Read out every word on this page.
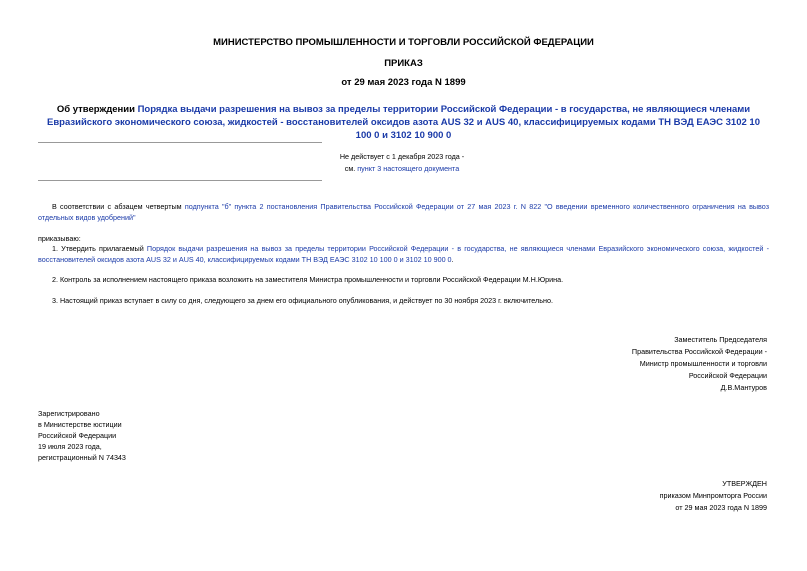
МИНИСТЕРСТВО ПРОМЫШЛЕННОСТИ И ТОРГОВЛИ РОССИЙСКОЙ ФЕДЕРАЦИИ
ПРИКАЗ
от 29 мая 2023 года N 1899
Об утверждении Порядка выдачи разрешения на вывоз за пределы территории Российской Федерации - в государства, не являющиеся членами Евразийского экономического союза, жидкостей - восстановителей оксидов азота AUS 32 и AUS 40, классифицируемых кодами ТН ВЭД ЕАЭС 3102 10 100 0 и 3102 10 900 0
Не действует с 1 декабря 2023 года -
см. пункт 3 настоящего документа
В соответствии с абзацем четвертым подпункта "б" пункта 2 постановления Правительства Российской Федерации от 27 мая 2023 г. N 822 "О введении временного количественного ограничения на вывоз отдельных видов удобрений"
приказываю:
1. Утвердить прилагаемый Порядок выдачи разрешения на вывоз за пределы территории Российской Федерации - в государства, не являющиеся членами Евразийского экономического союза, жидкостей - восстановителей оксидов азота AUS 32 и AUS 40, классифицируемых кодами ТН ВЭД ЕАЭС 3102 10 100 0 и 3102 10 900 0.
2. Контроль за исполнением настоящего приказа возложить на заместителя Министра промышленности и торговли Российской Федерации М.Н.Юрина.
3. Настоящий приказ вступает в силу со дня, следующего за днем его официального опубликования, и действует по 30 ноября 2023 г. включительно.
Заместитель Председателя
Правительства Российской Федерации -
Министр промышленности и торговли
Российской Федерации
Д.В.Мантуров
Зарегистрировано
в Министерстве юстиции
Российской Федерации
19 июля 2023 года,
регистрационный N 74343
УТВЕРЖДЕН
приказом Минпромторга России
от 29 мая 2023 года N 1899
